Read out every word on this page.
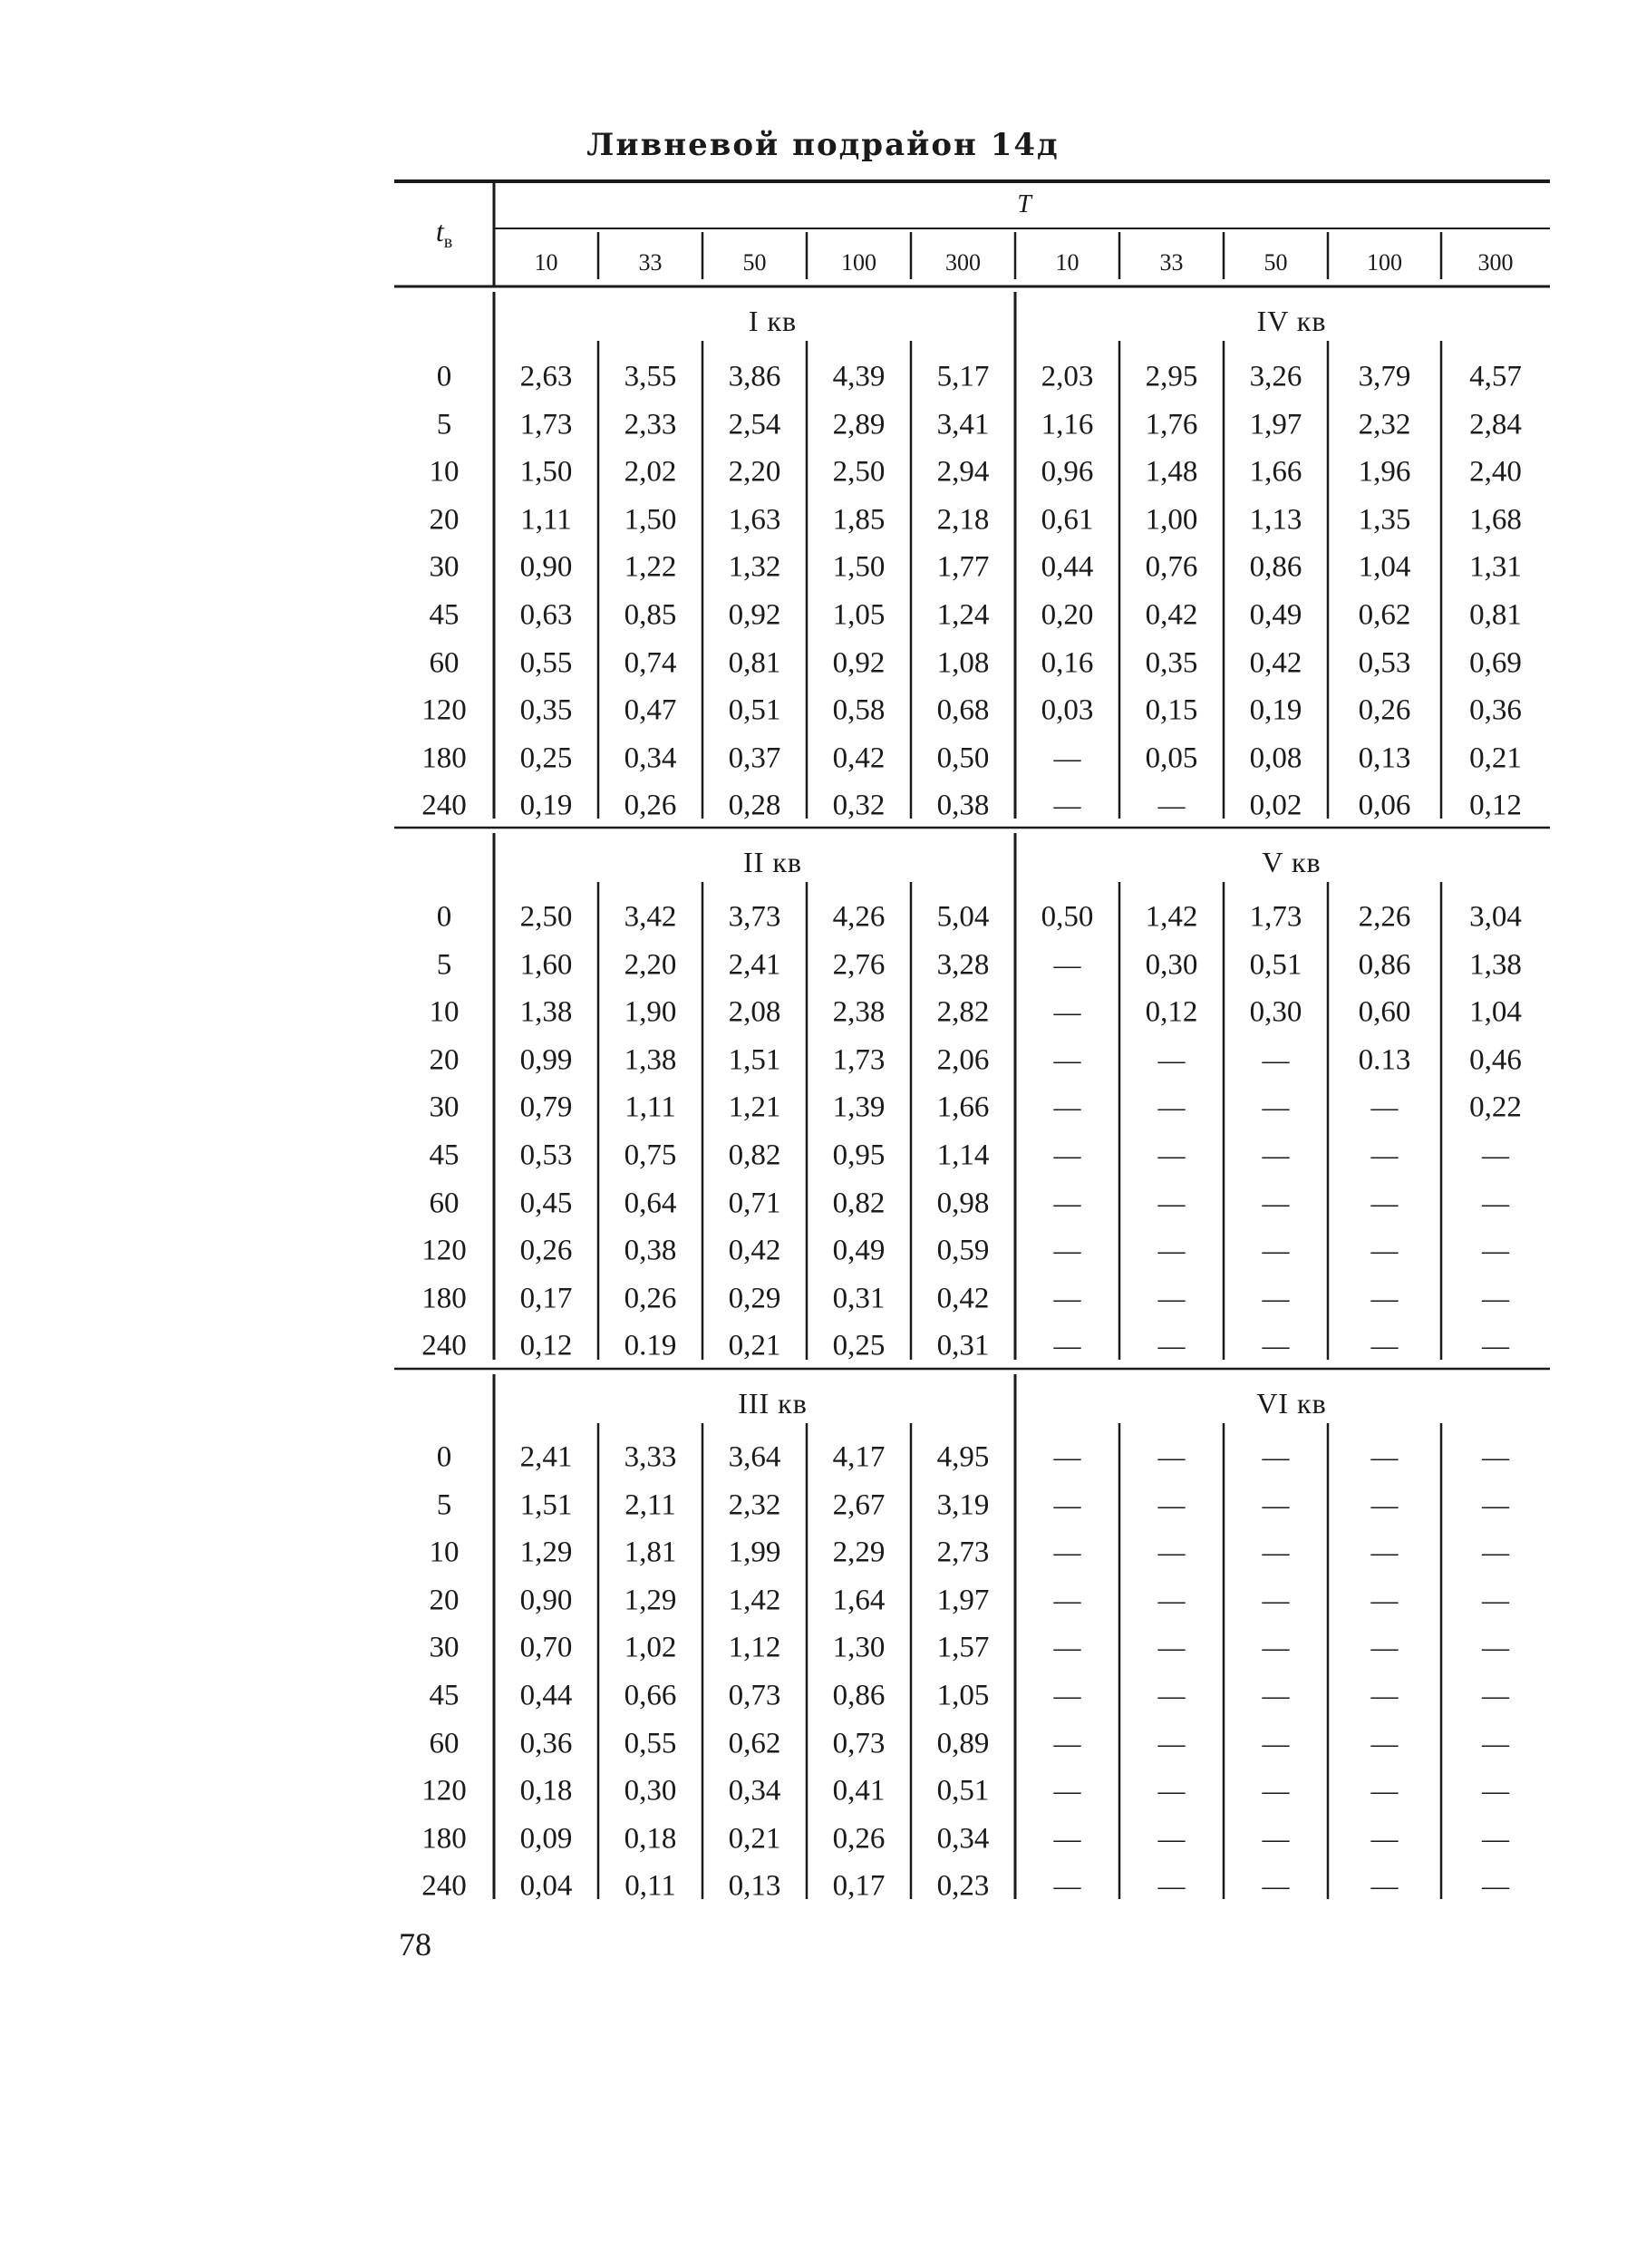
Ливневой подрайон 14д
$t_в$
T
10	33	50	100	300	10	33	50	100	300
I кв	IV кв
0 2,63 3,55 3,86 4,39 5,17 2,03 2,95 3,26 3,79 4,57
5 1,73 2,33 2,54 2,89 3,41 1,16 1,76 1,97 2,32 2,84
10 1,50 2,02 2,20 2,50 2,94 0,96 1,48 1,66 1,96 2,40
20 1,11 1,50 1,63 1,85 2,18 0,61 1,00 1,13 1,35 1,68
30 0,90 1,22 1,32 1,50 1,77 0,44 0,76 0,86 1,04 1,31
45 0,63 0,85 0,92 1,05 1,24 0,20 0,42 0,49 0,62 0,81
60 0,55 0,74 0,81 0,92 1,08 0,16 0,35 0,42 0,53 0,69
120 0,35 0,47 0,51 0,58 0,68 0,03 0,15 0,19 0,26 0,36
180 0,25 0,34 0,37 0,42 0,50 — 0,05 0,08 0,13 0,21
240 0,19 0,26 0,28 0,32 0,38 —	— 0,02 0,06 0,12
II кв	V кв
0 2,50 3,42 3,73 4,26 5,04 0,50 1,42 1,73 2,26 3,04
5 1,60 2,20 2,41 2,76 3,28 — 0,30 0,51 0,86 1,38
10 1,38 1,90 2,08 2,38 2,82 — 0,12 0,30 0,60 1,04
20 0,99 1,38 1,51 1,73 2,06 —	—	— 0.13 0,46
30 0,79 1,11 1,21 1,39 1,66 —	—	—	— 0,22
45 0,53 0,75 0,82 0,95 1,14 —	—	—	—	—
60 0,45 0,64 0,71 0,82 0,98 —	—	—	—	—
120 0,26 0,38 0,42 0,49 0,59 —	—	—	—	—
180 0,17 0,26 0,29 0,31 0,42 —	—	—	—	—
240 0,12 0.19 0,21 0,25 0,31 —	—	—	—	—
III кв	VI кв
0 2,41 3,33 3,64 4,17 4,95 —	—	—	—	—
5 1,51 2,11 2,32 2,67 3,19 —	—	—	—	—
10 1,29 1,81 1,99 2,29 2,73 —	—	—	—	—
20 0,90 1,29 1,42 1,64 1,97 —	—	—	—	—
30 0,70 1,02 1,12 1,30 1,57 —	—	—	—	—
45 0,44 0,66 0,73 0,86 1,05 —	—	—	—	—
60 0,36 0,55 0,62 0,73 0,89 —	—	—	—	—
120 0,18 0,30 0,34 0,41 0,51 —	—	—	—	—
180 0,09 0,18 0,21 0,26 0,34 —	—	—	—	—
240 0,04 0,11 0,13 0,17 0,23 —	—	—	—	—
78
